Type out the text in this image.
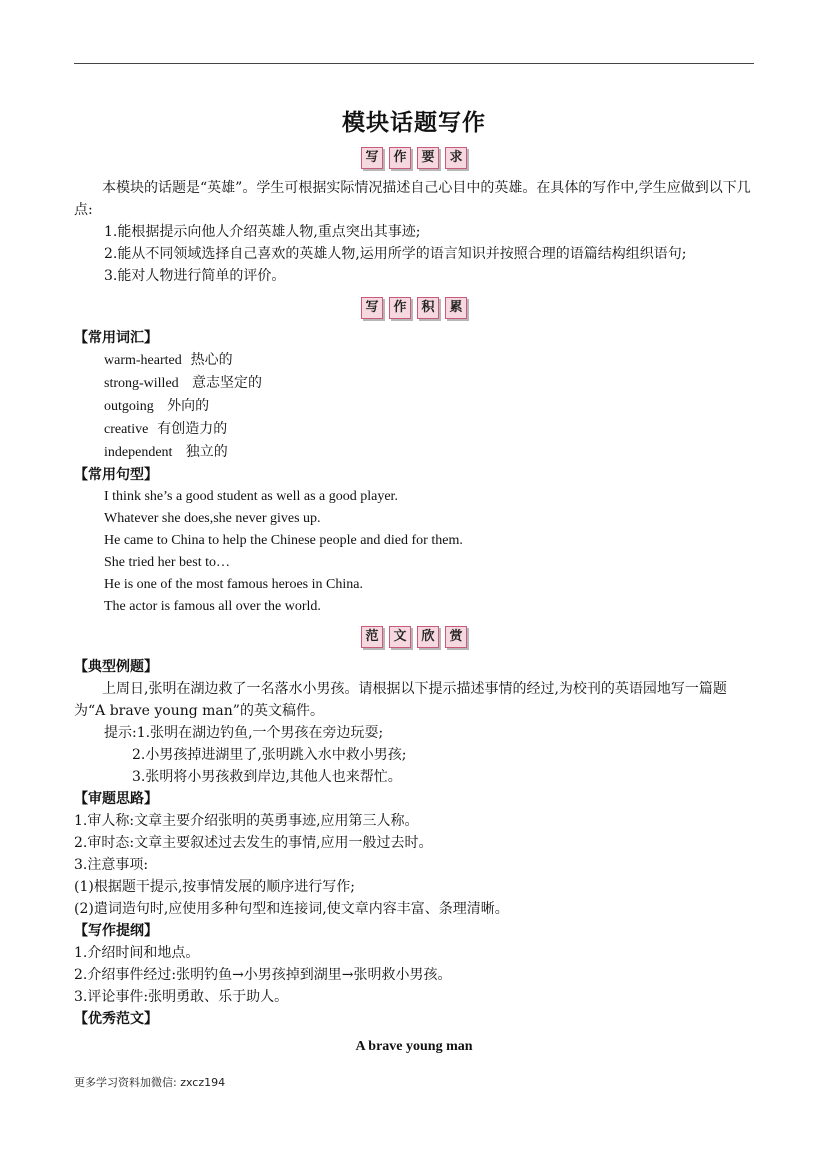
模块话题写作
写	作	要	求

本模块的话题是“英雄”。学生可根据实际情况描述自己心目中的英雄。在具体的写作中,学生应做到以下几点:

1.能根据提示向他人介绍英雄人物,重点突出其事迹;

2.能从不同领域选择自己喜欢的英雄人物,运用所学的语言知识并按照合理的语篇结构组织语句;

3.能对人物进行简单的评价。

写	作	积	累

【常用词汇】

warm-hearted 热心的

strong-willed 意志坚定的

outgoing 外向的

creative 有创造力的

independent 独立的

【常用句型】

I think she’s a good student as well as a good player.

Whatever she does,she never gives up.

He came to China to help the Chinese people and died for them.

She tried her best to…

He is one of the most famous heroes in China.

The actor is famous all over the world.

范	文	欣	赏

【典型例题】

上周日,张明在湖边救了一名落水小男孩。请根据以下提示描述事情的经过,为校刊的英语园地写一篇题为“A brave young man”的英文稿件。

提示:1.张明在湖边钓鱼,一个男孩在旁边玩耍;

2.小男孩掉进湖里了,张明跳入水中救小男孩;

3.张明将小男孩救到岸边,其他人也来帮忙。

【审题思路】

1.审人称:文章主要介绍张明的英勇事迹,应用第三人称。

2.审时态:文章主要叙述过去发生的事情,应用一般过去时。

3.注意事项:

(1)根据题干提示,按事情发展的顺序进行写作;

(2)遣词造句时,应使用多种句型和连接词,使文章内容丰富、条理清晰。

【写作提纲】

1.介绍时间和地点。

2.介绍事件经过:张明钓鱼→小男孩掉到湖里→张明救小男孩。

3.评论事件:张明勇敢、乐于助人。

【优秀范文】

A brave young man

更多学习资料加微信: zxcz194
